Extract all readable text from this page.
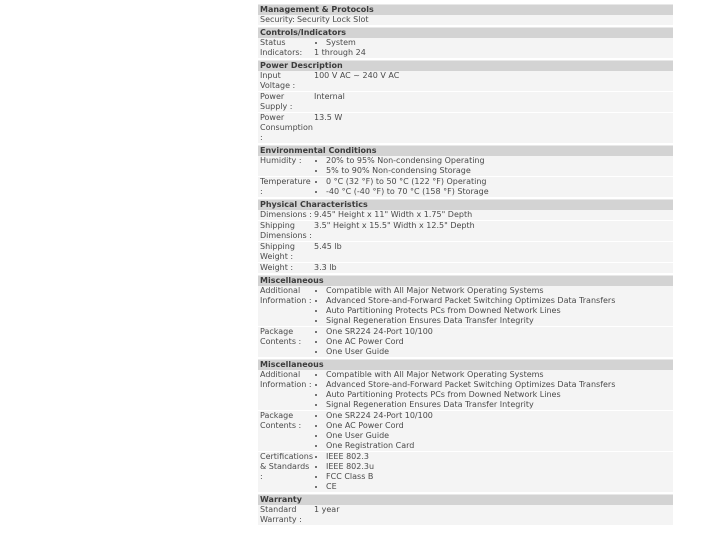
Management & Protocols
Security: Security Lock Slot
Controls/Indicators
Status Indicators:
• System
1 through 24
Power Description
Input Voltage :
100 V AC ~ 240 V AC
Power Supply :
Internal
Power Consumption :
13.5 W
Environmental Conditions
Humidity :
•	20% to 95% Non-condensing Operating
• 5% to 90% Non-condensing Storage
Temperature :
• 0 °C (32 °F) to 50 °C (122 °F) Operating
• -40 °C (-40 °F) to 70 °C (158 °F) Storage
Physical Characteristics
Dimensions : 9.45" Height x 11" Width x 1.75" Depth
Shipping Dimensions :
3.5" Height x 15.5" Width x 12.5" Depth
Shipping Weight :
5.45 lb
Weight :	3.3 lb
Miscellaneous
Additional Information :
• Compatible with All Major Network Operating Systems
• Advanced Store-and-Forward Packet Switching Optimizes Data Transfers
• Auto Partitioning Protects PCs from Downed Network Lines
• Signal Regeneration Ensures Data Transfer Integrity
Package Contents :
• One SR224 24-Port 10/100
• One AC Power Cord
• One User Guide
Miscellaneous
Additional Information :
• Compatible with All Major Network Operating Systems
• Advanced Store-and-Forward Packet Switching Optimizes Data Transfers
• Auto Partitioning Protects PCs from Downed Network Lines
• Signal Regeneration Ensures Data Transfer Integrity
Package Contents :
• One SR224 24-Port 10/100
• One AC Power Cord
• One User Guide
• One Registration Card
Certifications & Standards :
• IEEE 802.3
• IEEE 802.3u
• FCC Class B
• CE
Warranty
Standard Warranty :
1 year
